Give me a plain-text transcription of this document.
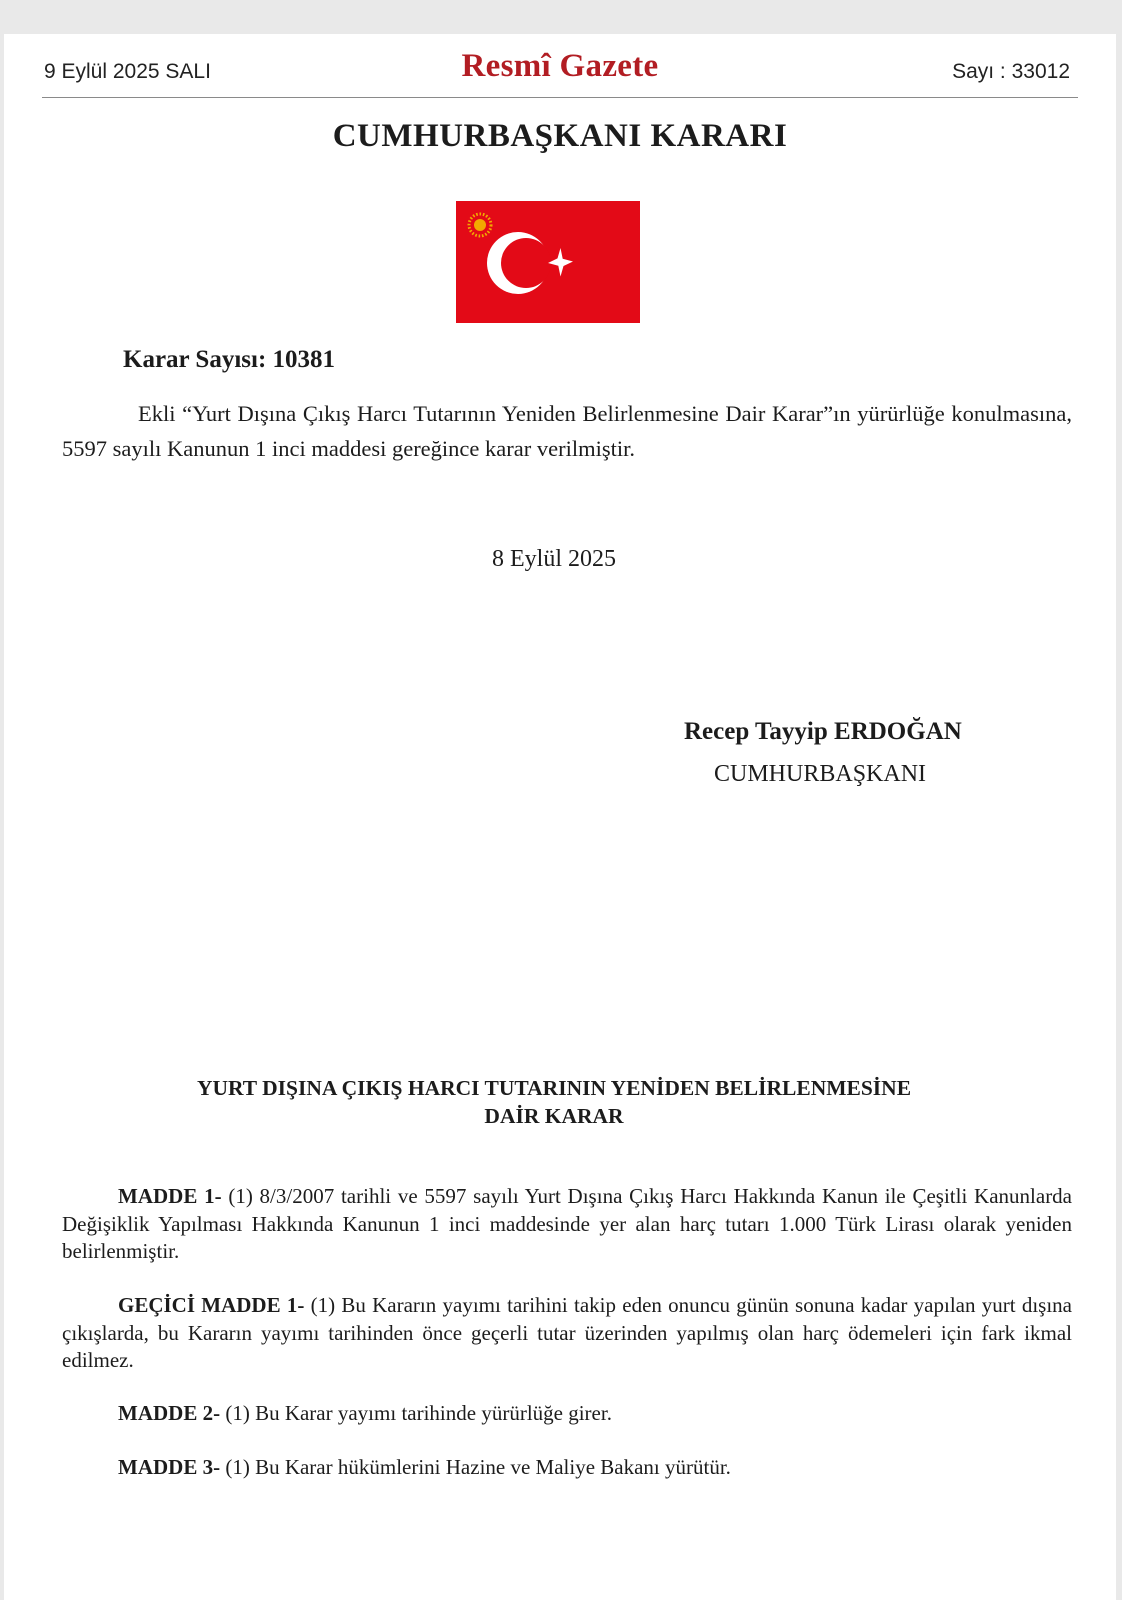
9 Eylül 2025 SALI	Resmî Gazete	Sayı : 33012
CUMHURBAŞKANI KARARI
Karar Sayısı: 10381
Ekli “Yurt Dışına Çıkış Harcı Tutarının Yeniden Belirlenmesine Dair Karar”ın yürürlüğe konulmasına, 5597 sayılı Kanunun 1 inci maddesi gereğince karar verilmiştir.
8 Eylül 2025
Recep Tayyip ERDOĞAN
CUMHURBAŞKANI
YURT DIŞINA ÇIKIŞ HARCI TUTARININ YENİDEN BELİRLENMESİNE
DAİR KARAR
MADDE 1- (1) 8/3/2007 tarihli ve 5597 sayılı Yurt Dışına Çıkış Harcı Hakkında Kanun ile Çeşitli Kanunlarda Değişiklik Yapılması Hakkında Kanunun 1 inci maddesinde yer alan harç tutarı 1.000 Türk Lirası olarak yeniden belirlenmiştir.
GEÇİCİ MADDE 1- (1) Bu Kararın yayımı tarihini takip eden onuncu günün sonuna kadar yapılan yurt dışına çıkışlarda, bu Kararın yayımı tarihinden önce geçerli tutar üzerinden yapılmış olan harç ödemeleri için fark ikmal edilmez.
MADDE 2- (1) Bu Karar yayımı tarihinde yürürlüğe girer.
MADDE 3- (1) Bu Karar hükümlerini Hazine ve Maliye Bakanı yürütür.
